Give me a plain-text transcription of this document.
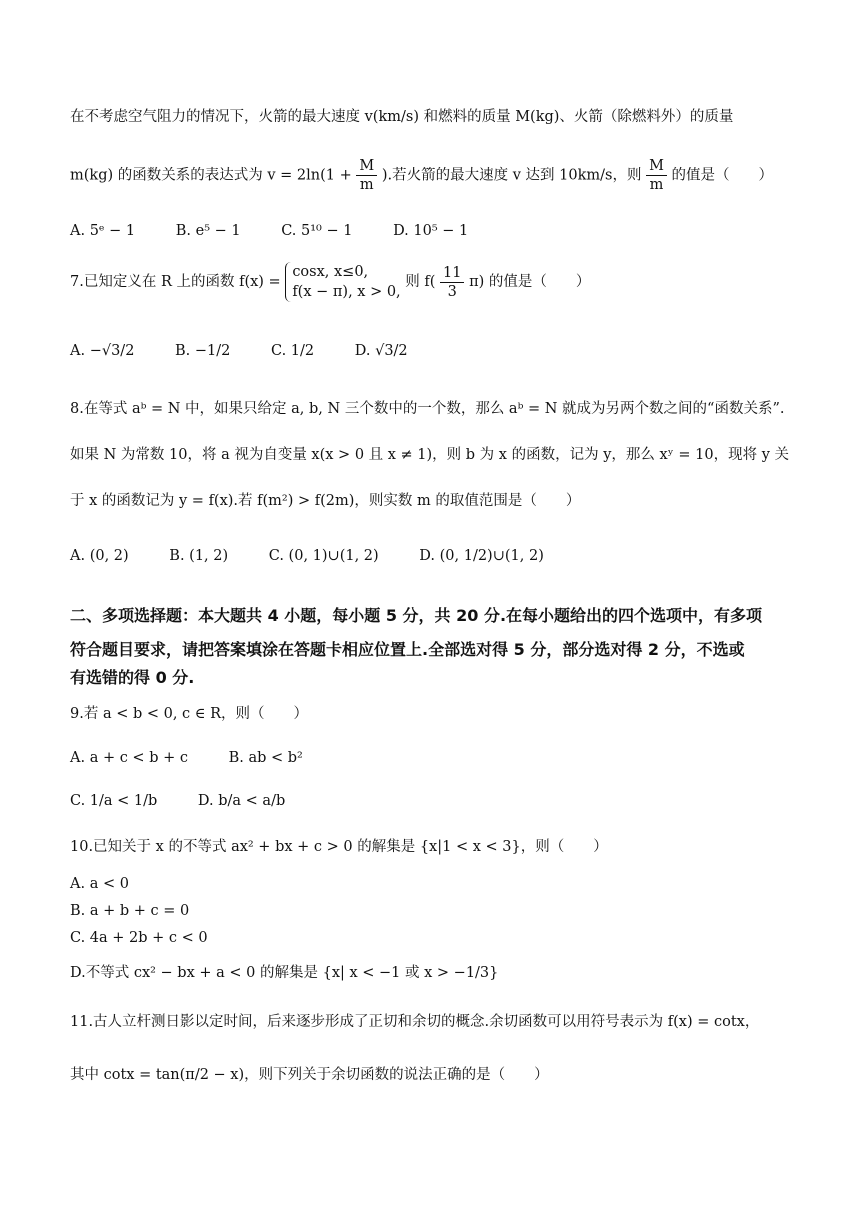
在不考虑空气阻力的情况下，火箭的最大速度 v(km/s) 和燃料的质量 M(kg)、火箭（除燃料外）的质量
m(kg) 的函数关系的表达式为 $v = 2\ln(1 + \frac{M}{m}$ ).若火箭的最大速度 v 达到 10km/s，则 $\frac{M}{m}$ 的值是（　　）
A. 5ᵉ − 1	B. e⁵ − 1	C. 5¹⁰ − 1	D. 10⁵ − 1
7.已知定义在 R 上的函数 f(x) =
cosx, x≤0,
f(x − π), x > 0,
则 $f( \frac{11}{3} \pi)$ 的值是（　　）
A. −√3/2	B. −1/2	C. 1/2	D. √3/2
8.在等式 aᵇ = N 中，如果只给定 a, b, N 三个数中的一个数，那么 aᵇ = N 就成为另两个数之间的“函数关系”.
如果 N 为常数 10，将 a 视为自变量 x(x > 0 且 x ≠ 1)，则 b 为 x 的函数，记为 y，那么 xʸ = 10，现将 y 关
于 x 的函数记为 y = f(x).若 f(m²) > f(2m)，则实数 m 的取值范围是（　　）
A. (0, 2)	B. (1, 2)	C. (0, 1)∪(1, 2)	D. (0, 1/2)∪(1, 2)
二、多项选择题：本大题共 4 小题，每小题 5 分，共 20 分.在每小题给出的四个选项中，有多项
符合题目要求，请把答案填涂在答题卡相应位置上.全部选对得 5 分，部分选对得 2 分，不选或
有选错的得 0 分.
9.若 a < b < 0, c ∈ R，则（　　）
A. a + c < b + c	B. ab < b²
C. 1/a < 1/b	D. b/a < a/b
10.已知关于 x 的不等式 ax² + bx + c > 0 的解集是 {x|1 < x < 3}，则（　　）
A. a < 0
B. a + b + c = 0
C. 4a + 2b + c < 0
D.不等式 cx² − bx + a < 0 的解集是 {x| x < −1 或 x > −1/3}
11.古人立杆测日影以定时间，后来逐步形成了正切和余切的概念.余切函数可以用符号表示为 f(x) = cotx，
其中 cotx = tan(π/2 − x)，则下列关于余切函数的说法正确的是（　　）
